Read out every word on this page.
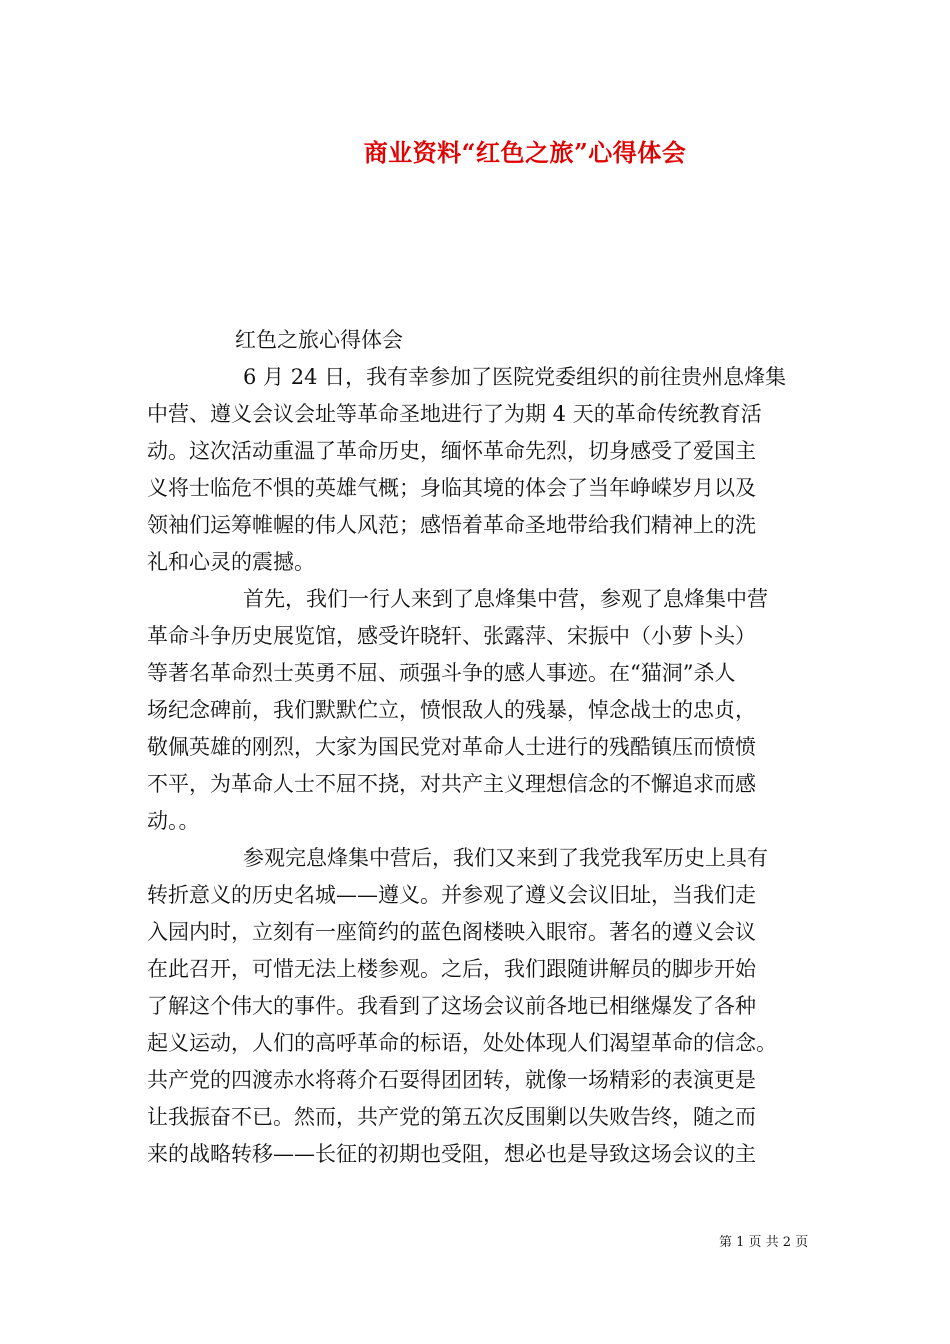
商业资料“红色之旅”心得体会
红色之旅心得体会
6 月 24 日，我有幸参加了医院党委组织的前往贵州息烽集
中营、遵义会议会址等革命圣地进行了为期 4 天的革命传统教育活
动。这次活动重温了革命历史，缅怀革命先烈，切身感受了爱国主
义将士临危不惧的英雄气概；身临其境的体会了当年峥嵘岁月以及
领袖们运筹帷幄的伟人风范；感悟着革命圣地带给我们精神上的洗
礼和心灵的震撼。
首先，我们一行人来到了息烽集中营，参观了息烽集中营
革命斗争历史展览馆，感受许晓轩、张露萍、宋振中（小萝卜头）
等著名革命烈士英勇不屈、顽强斗争的感人事迹。在“猫洞”杀人
场纪念碑前，我们默默伫立，愤恨敌人的残暴，悼念战士的忠贞，
敬佩英雄的刚烈，大家为国民党对革命人士进行的残酷镇压而愤愤
不平，为革命人士不屈不挠，对共产主义理想信念的不懈追求而感
动。。
参观完息烽集中营后，我们又来到了我党我军历史上具有
转折意义的历史名城——遵义。并参观了遵义会议旧址，当我们走
入园内时，立刻有一座简约的蓝色阁楼映入眼帘。著名的遵义会议
在此召开，可惜无法上楼参观。之后，我们跟随讲解员的脚步开始
了解这个伟大的事件。我看到了这场会议前各地已相继爆发了各种
起义运动，人们的高呼革命的标语，处处体现人们渴望革命的信念。
共产党的四渡赤水将蒋介石耍得团团转，就像一场精彩的表演更是
让我振奋不已。然而，共产党的第五次反围剿以失败告终，随之而
来的战略转移——长征的初期也受阻，想必也是导致这场会议的主
第 1 页 共 2 页
